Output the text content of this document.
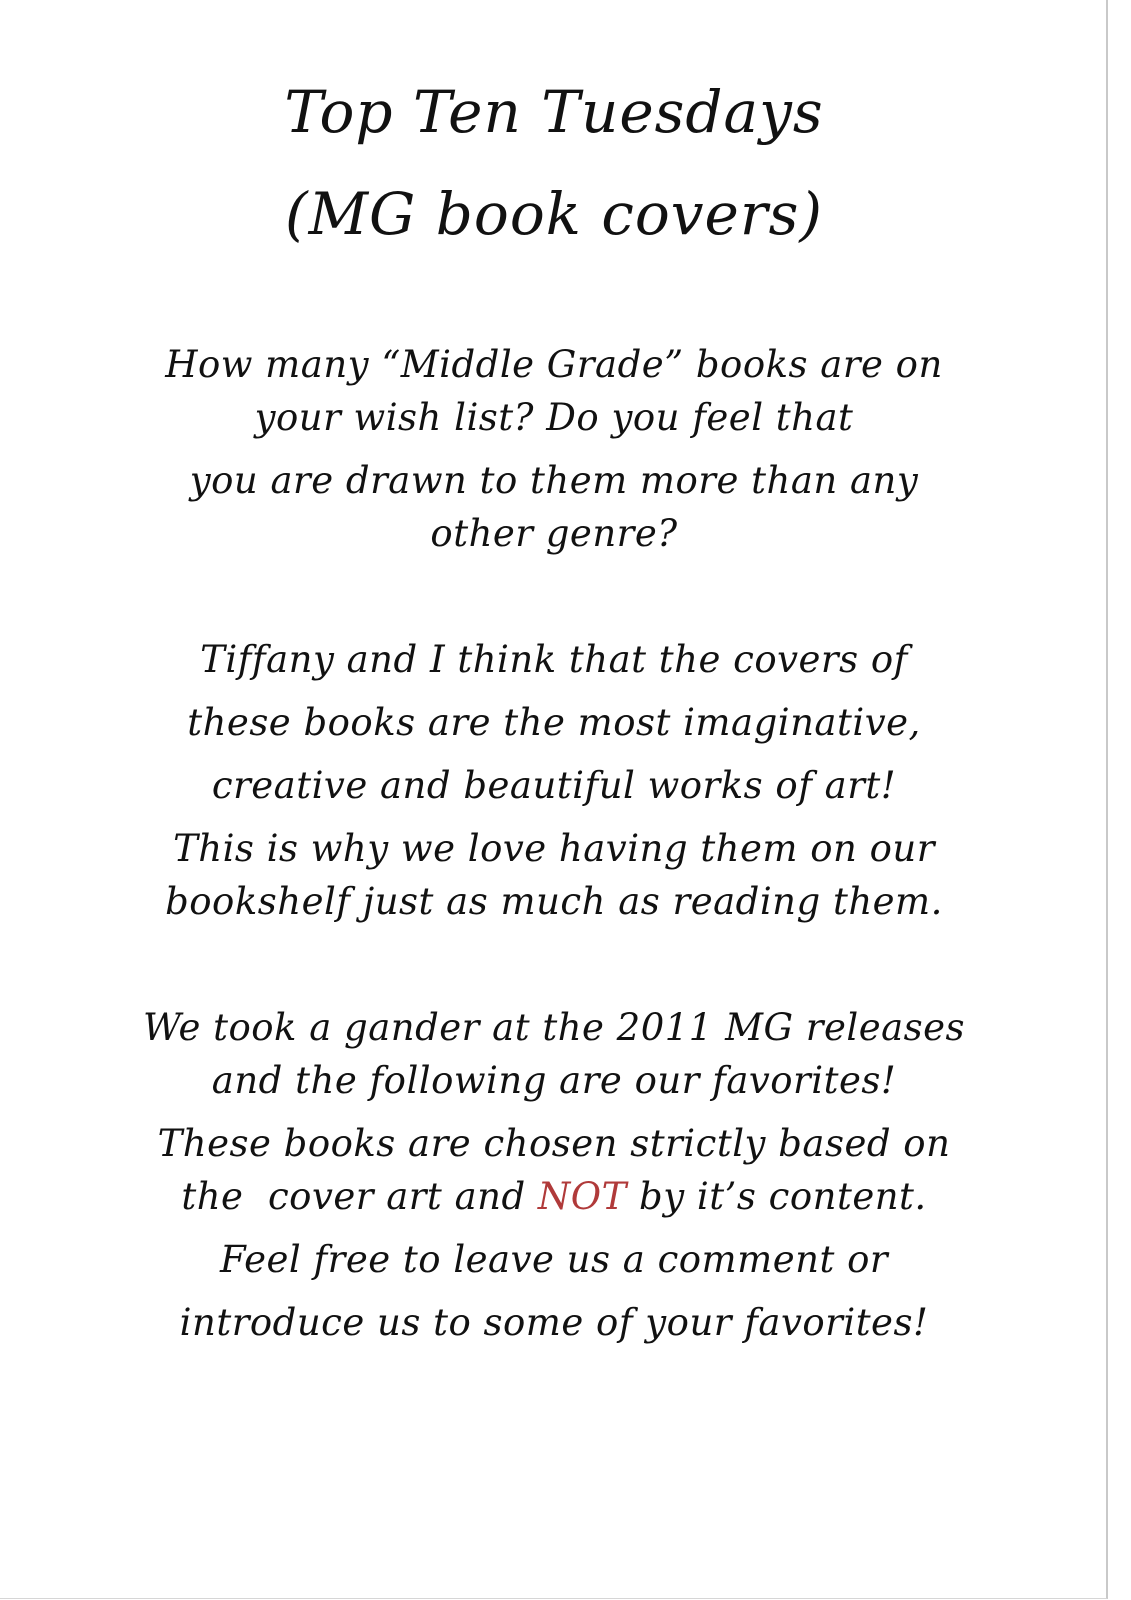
Top Ten Tuesdays
(MG book covers)
How many “Middle Grade” books are on
your wish list? Do you feel that
you are drawn to them more than any
other genre?
Tiffany and I think that the covers of
these books are the most imaginative,
creative and beautiful works of art!
This is why we love having them on our
bookshelf just as much as reading them.
We took a gander at the 2011 MG releases
and the following are our favorites!
These books are chosen strictly based on
the  cover art and NOT by it’s content.
Feel free to leave us a comment or
introduce us to some of your favorites!
